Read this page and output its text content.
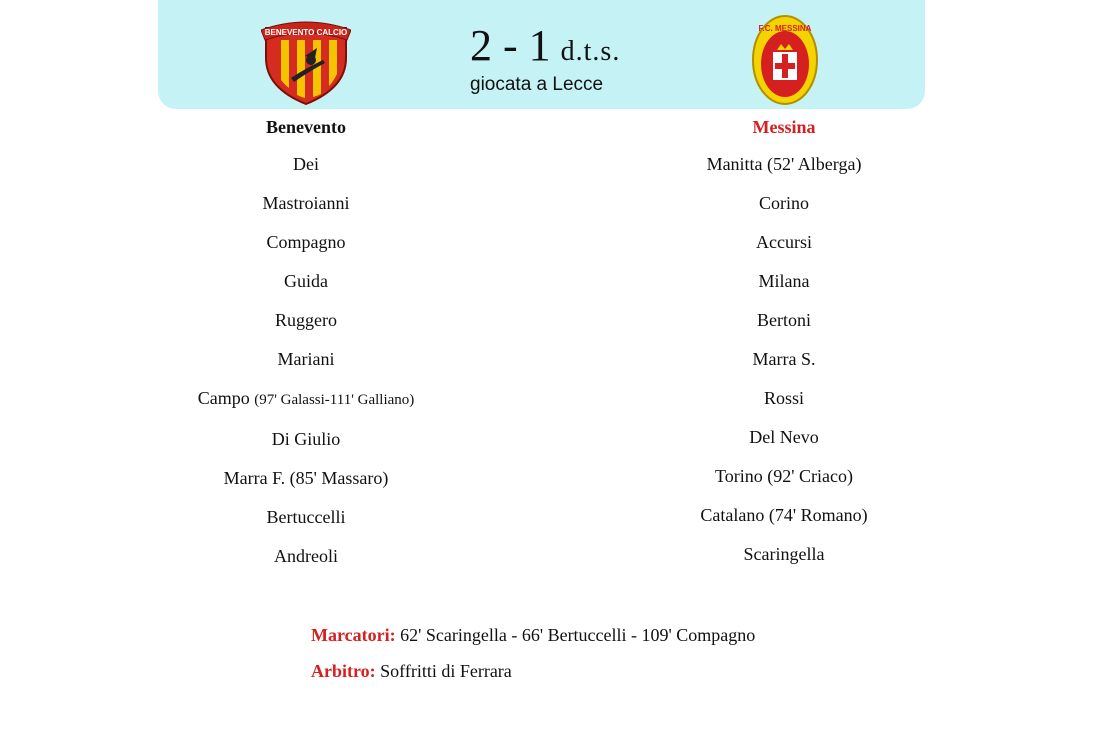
BENEVENTO CALCIO	2 - 1 d.t.s.
giocata a Lecce
F.C. MESSINA
Benevento
Dei
Mastroianni
Compagno
Guida
Ruggero
Mariani
Campo (97' Galassi-111' Galliano)
Di Giulio
Marra F. (85' Massaro)
Bertuccelli
Andreoli
Messina
Manitta (52' Alberga)
Corino
Accursi
Milana
Bertoni
Marra S.
Rossi
Del Nevo
Torino (92' Criaco)
Catalano (74' Romano)
Scaringella
Marcatori: 62' Scaringella - 66' Bertuccelli - 109' Compagno
Arbitro: Soffritti di Ferrara
